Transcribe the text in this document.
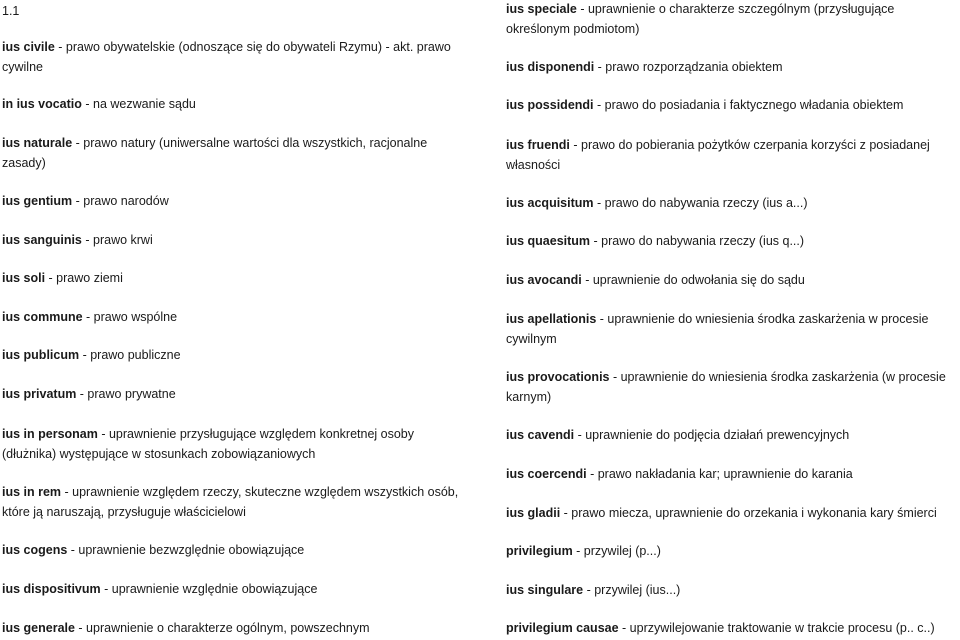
1.1
ius civile - prawo obywatelskie (odnoszące się do obywateli Rzymu) - akt. prawo cywilne
in ius vocatio - na wezwanie sądu
ius naturale - prawo natury (uniwersalne wartości dla wszystkich, racjonalne zasady)
ius gentium - prawo narodów
ius sanguinis - prawo krwi
ius soli - prawo ziemi
ius commune - prawo wspólne
ius publicum - prawo publiczne
ius privatum - prawo prywatne
ius in personam - uprawnienie przysługujące względem konkretnej osoby (dłużnika) występujące w stosunkach zobowiązaniowych
ius in rem - uprawnienie względem rzeczy, skuteczne względem wszystkich osób, które ją naruszają, przysługuje właścicielowi
ius cogens - uprawnienie bezwzględnie obowiązujące
ius dispositivum - uprawnienie względnie obowiązujące
ius generale - uprawnienie o charakterze ogólnym, powszechnym
ius speciale - uprawnienie o charakterze szczególnym (przysługujące określonym podmiotom)
ius disponendi - prawo rozporządzania obiektem
ius possidendi - prawo do posiadania i faktycznego władania obiektem
ius fruendi - prawo do pobierania pożytków czerpania korzyści z posiadanej własności
ius acquisitum - prawo do nabywania rzeczy (ius a...)
ius quaesitum - prawo do nabywania rzeczy (ius q...)
ius avocandi - uprawnienie do odwołania się do sądu
ius apellationis - uprawnienie do wniesienia środka zaskarżenia w procesie cywilnym
ius provocationis - uprawnienie do wniesienia środka zaskarżenia (w procesie karnym)
ius cavendi - uprawnienie do podjęcia działań prewencyjnych
ius coercendi - prawo nakładania kar; uprawnienie do karania
ius gladii - prawo miecza, uprawnienie do orzekania i wykonania kary śmierci
privilegium - przywilej (p...)
ius singulare - przywilej (ius...)
privilegium causae - uprzywilejowanie traktowanie w trakcie procesu (p.. c..)
